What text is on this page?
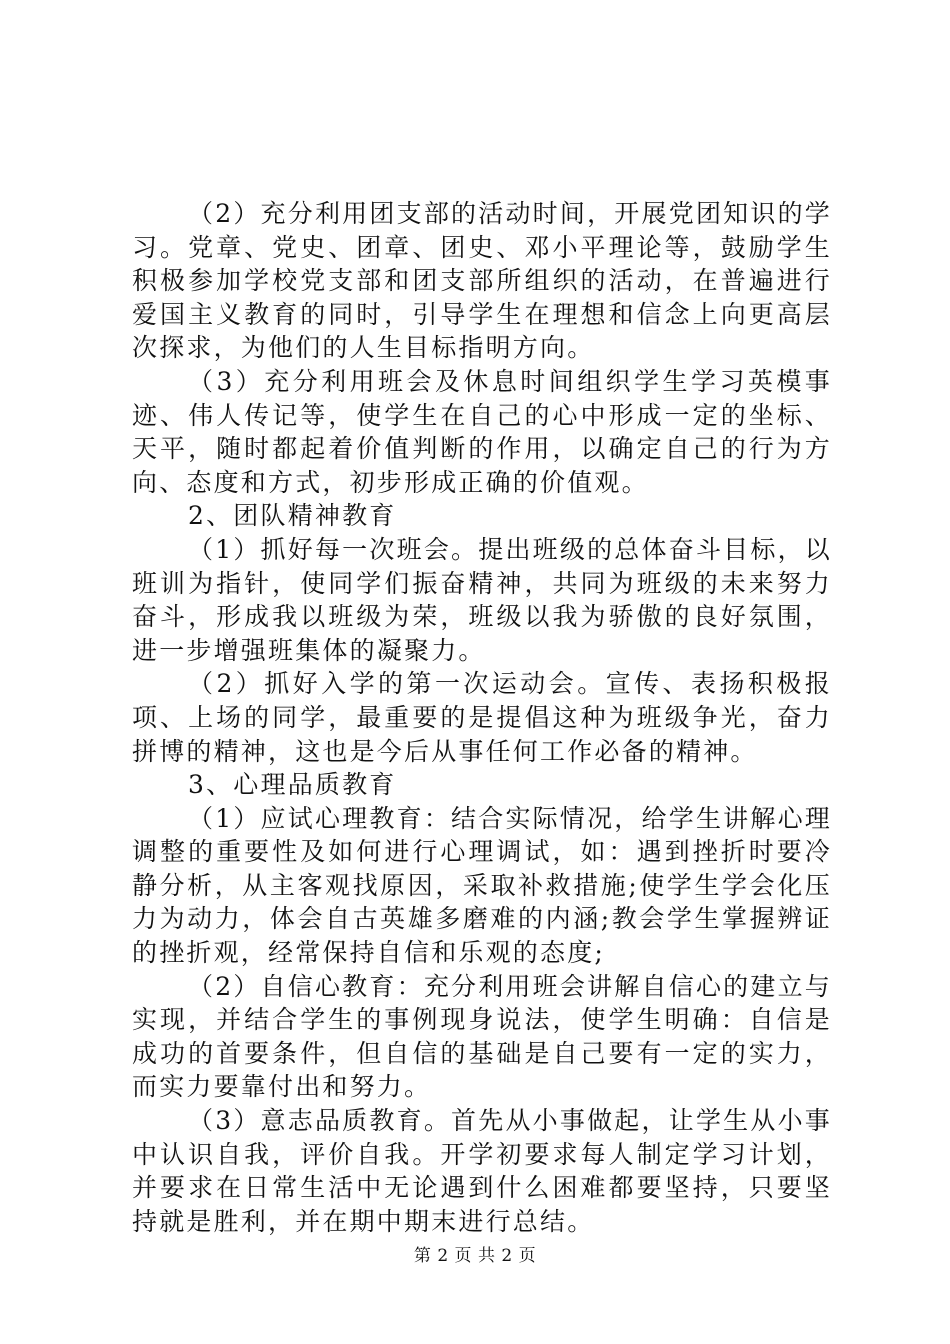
（2）充分利用团支部的活动时间，开展党团知识的学习。党章、党史、团章、团史、邓小平理论等，鼓励学生积极参加学校党支部和团支部所组织的活动，在普遍进行爱国主义教育的同时，引导学生在理想和信念上向更高层次探求，为他们的人生目标指明方向。

（3）充分利用班会及休息时间组织学生学习英模事迹、伟人传记等，使学生在自己的心中形成一定的坐标、天平，随时都起着价值判断的作用，以确定自己的行为方向、态度和方式，初步形成正确的价值观。

2、团队精神教育

（1）抓好每一次班会。提出班级的总体奋斗目标，以班训为指针，使同学们振奋精神，共同为班级的未来努力奋斗，形成我以班级为荣，班级以我为骄傲的良好氛围，进一步增强班集体的凝聚力。

（2）抓好入学的第一次运动会。宣传、表扬积极报项、上场的同学，最重要的是提倡这种为班级争光，奋力拼博的精神，这也是今后从事任何工作必备的精神。

3、心理品质教育

（1）应试心理教育：结合实际情况，给学生讲解心理调整的重要性及如何进行心理调试，如：遇到挫折时要冷静分析，从主客观找原因，采取补救措施;使学生学会化压力为动力，体会自古英雄多磨难的内涵;教会学生掌握辨证的挫折观，经常保持自信和乐观的态度;

（2）自信心教育：充分利用班会讲解自信心的建立与实现，并结合学生的事例现身说法，使学生明确：自信是成功的首要条件，但自信的基础是自己要有一定的实力，而实力要靠付出和努力。

（3）意志品质教育。首先从小事做起，让学生从小事中认识自我，评价自我。开学初要求每人制定学习计划，并要求在日常生活中无论遇到什么困难都要坚持，只要坚持就是胜利，并在期中期末进行总结。

第 2 页 共 2 页
